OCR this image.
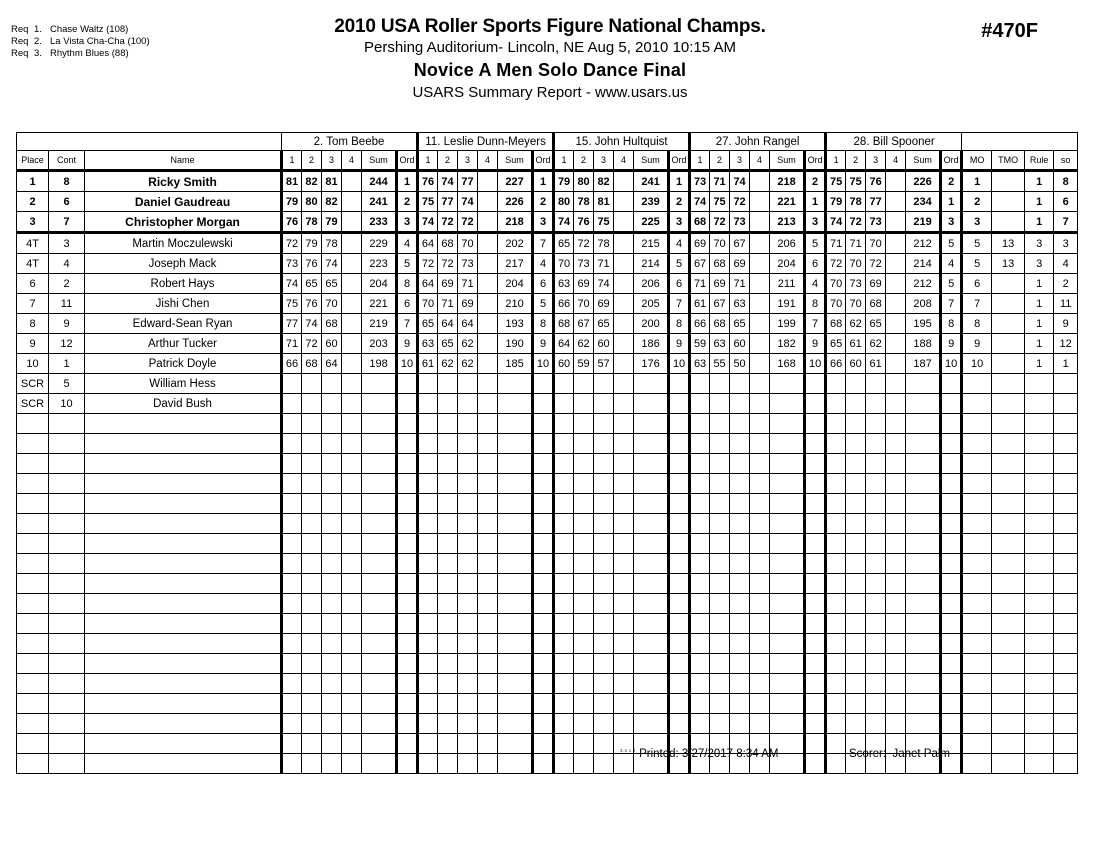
Req 1. Chase Waltz (108)
Req 2. La Vista Cha-Cha (100)
Req 3. Rhythm Blues (88)
2010 USA Roller Sports Figure National Champs.
Pershing Auditorium- Lincoln, NE Aug 5, 2010 10:15 AM
Novice A Men Solo Dance Final
USARS Summary Report - www.usars.us
#470F
			2. Tom Beebe						11. Leslie Dunn-Meyers						15. John Hultquist						27. John Rangel						28. Bill Spooner									
Place	Cont	Name	1	2	3	4	Sum	Ord	1	2	3	4	Sum	Ord	1	2	3	4	Sum	Ord	1	2	3	4	Sum	Ord	1	2	3	4	Sum	Ord	MO	TMO	Rule	so
1	8	Ricky Smith	81	82	81		244	1	76	74	77		227	1	79	80	82		241	1	73	71	74		218	2	75	75	76		226	2	1		1	8
2	6	Daniel Gaudreau	79	80	82		241	2	75	77	74		226	2	80	78	81		239	2	74	75	72		221	1	79	78	77		234	1	2		1	6
3	7	Christopher Morgan	76	78	79		233	3	74	72	72		218	3	74	76	75		225	3	68	72	73		213	3	74	72	73		219	3	3		1	7
4T	3	Martin Moczulewski	72	79	78		229	4	64	68	70		202	7	65	72	78		215	4	69	70	67		206	5	71	71	70		212	5	5	13	3	3
4T	4	Joseph Mack	73	76	74		223	5	72	72	73		217	4	70	73	71		214	5	67	68	69		204	6	72	70	72		214	4	5	13	3	4
6	2	Robert Hays	74	65	65		204	8	64	69	71		204	6	63	69	74		206	6	71	69	71		211	4	70	73	69		212	5	6		1	2
7	11	Jishi Chen	75	76	70		221	6	70	71	69		210	5	66	70	69		205	7	61	67	63		191	8	70	70	68		208	7	7		1	11
8	9	Edward-Sean Ryan	77	74	68		219	7	65	64	64		193	8	68	67	65		200	8	66	68	65		199	7	68	62	65		195	8	8		1	9
9	12	Arthur Tucker	71	72	60		203	9	63	65	62		190	9	64	62	60		186	9	59	63	60		182	9	65	61	62		188	9	9		1	12
10	1	Patrick Doyle	66	68	64		198	10	61	62	62		185	10	60	59	57		176	10	63	55	50		168	10	66	60	61		187	10	10		1	1
SCR	5	William Hess																																		
SCR	10	David Bush																																		

$^{3.4.1.4}$ Printed: 3/27/2017 8:34 AM	Scorer: Janet Palm
